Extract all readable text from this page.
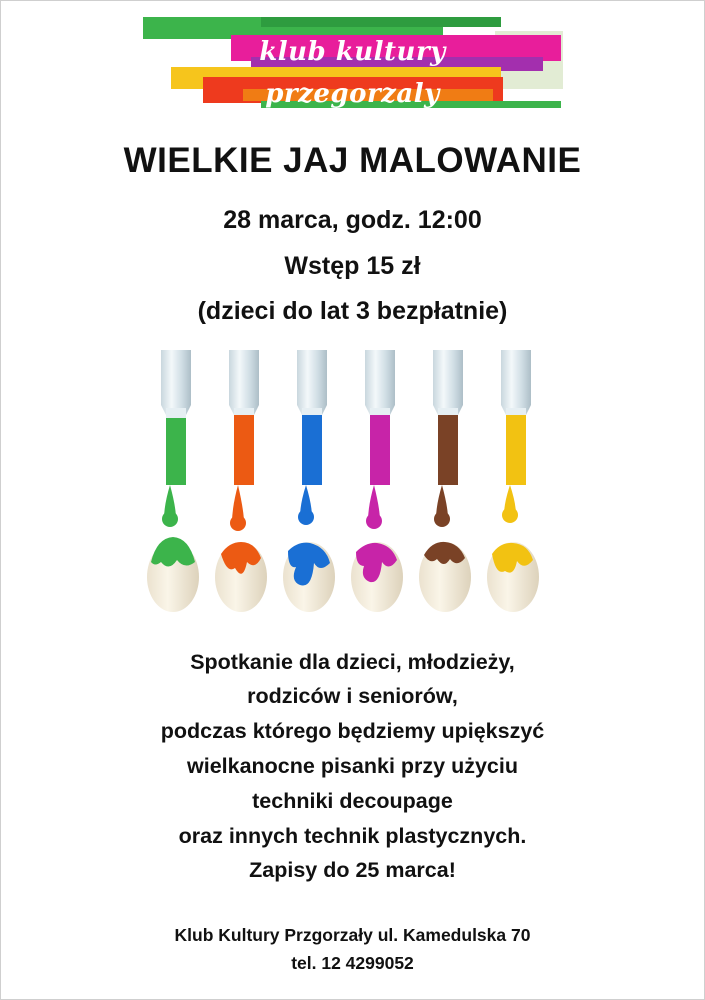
klub kultury
przegorzaly
WIELKIE JAJ MALOWANIE
28 marca, godz. 12:00
Wstęp 15 zł
(dzieci do lat 3 bezpłatnie)
Spotkanie dla dzieci, młodzieży,
rodziców i seniorów,
podczas którego będziemy upiększyć
wielkanocne pisanki przy użyciu
techniki decoupage
oraz innych technik plastycznych.
Zapisy do 25 marca!
Klub Kultury Przgorzały ul. Kamedulska 70
tel. 12 4299052
